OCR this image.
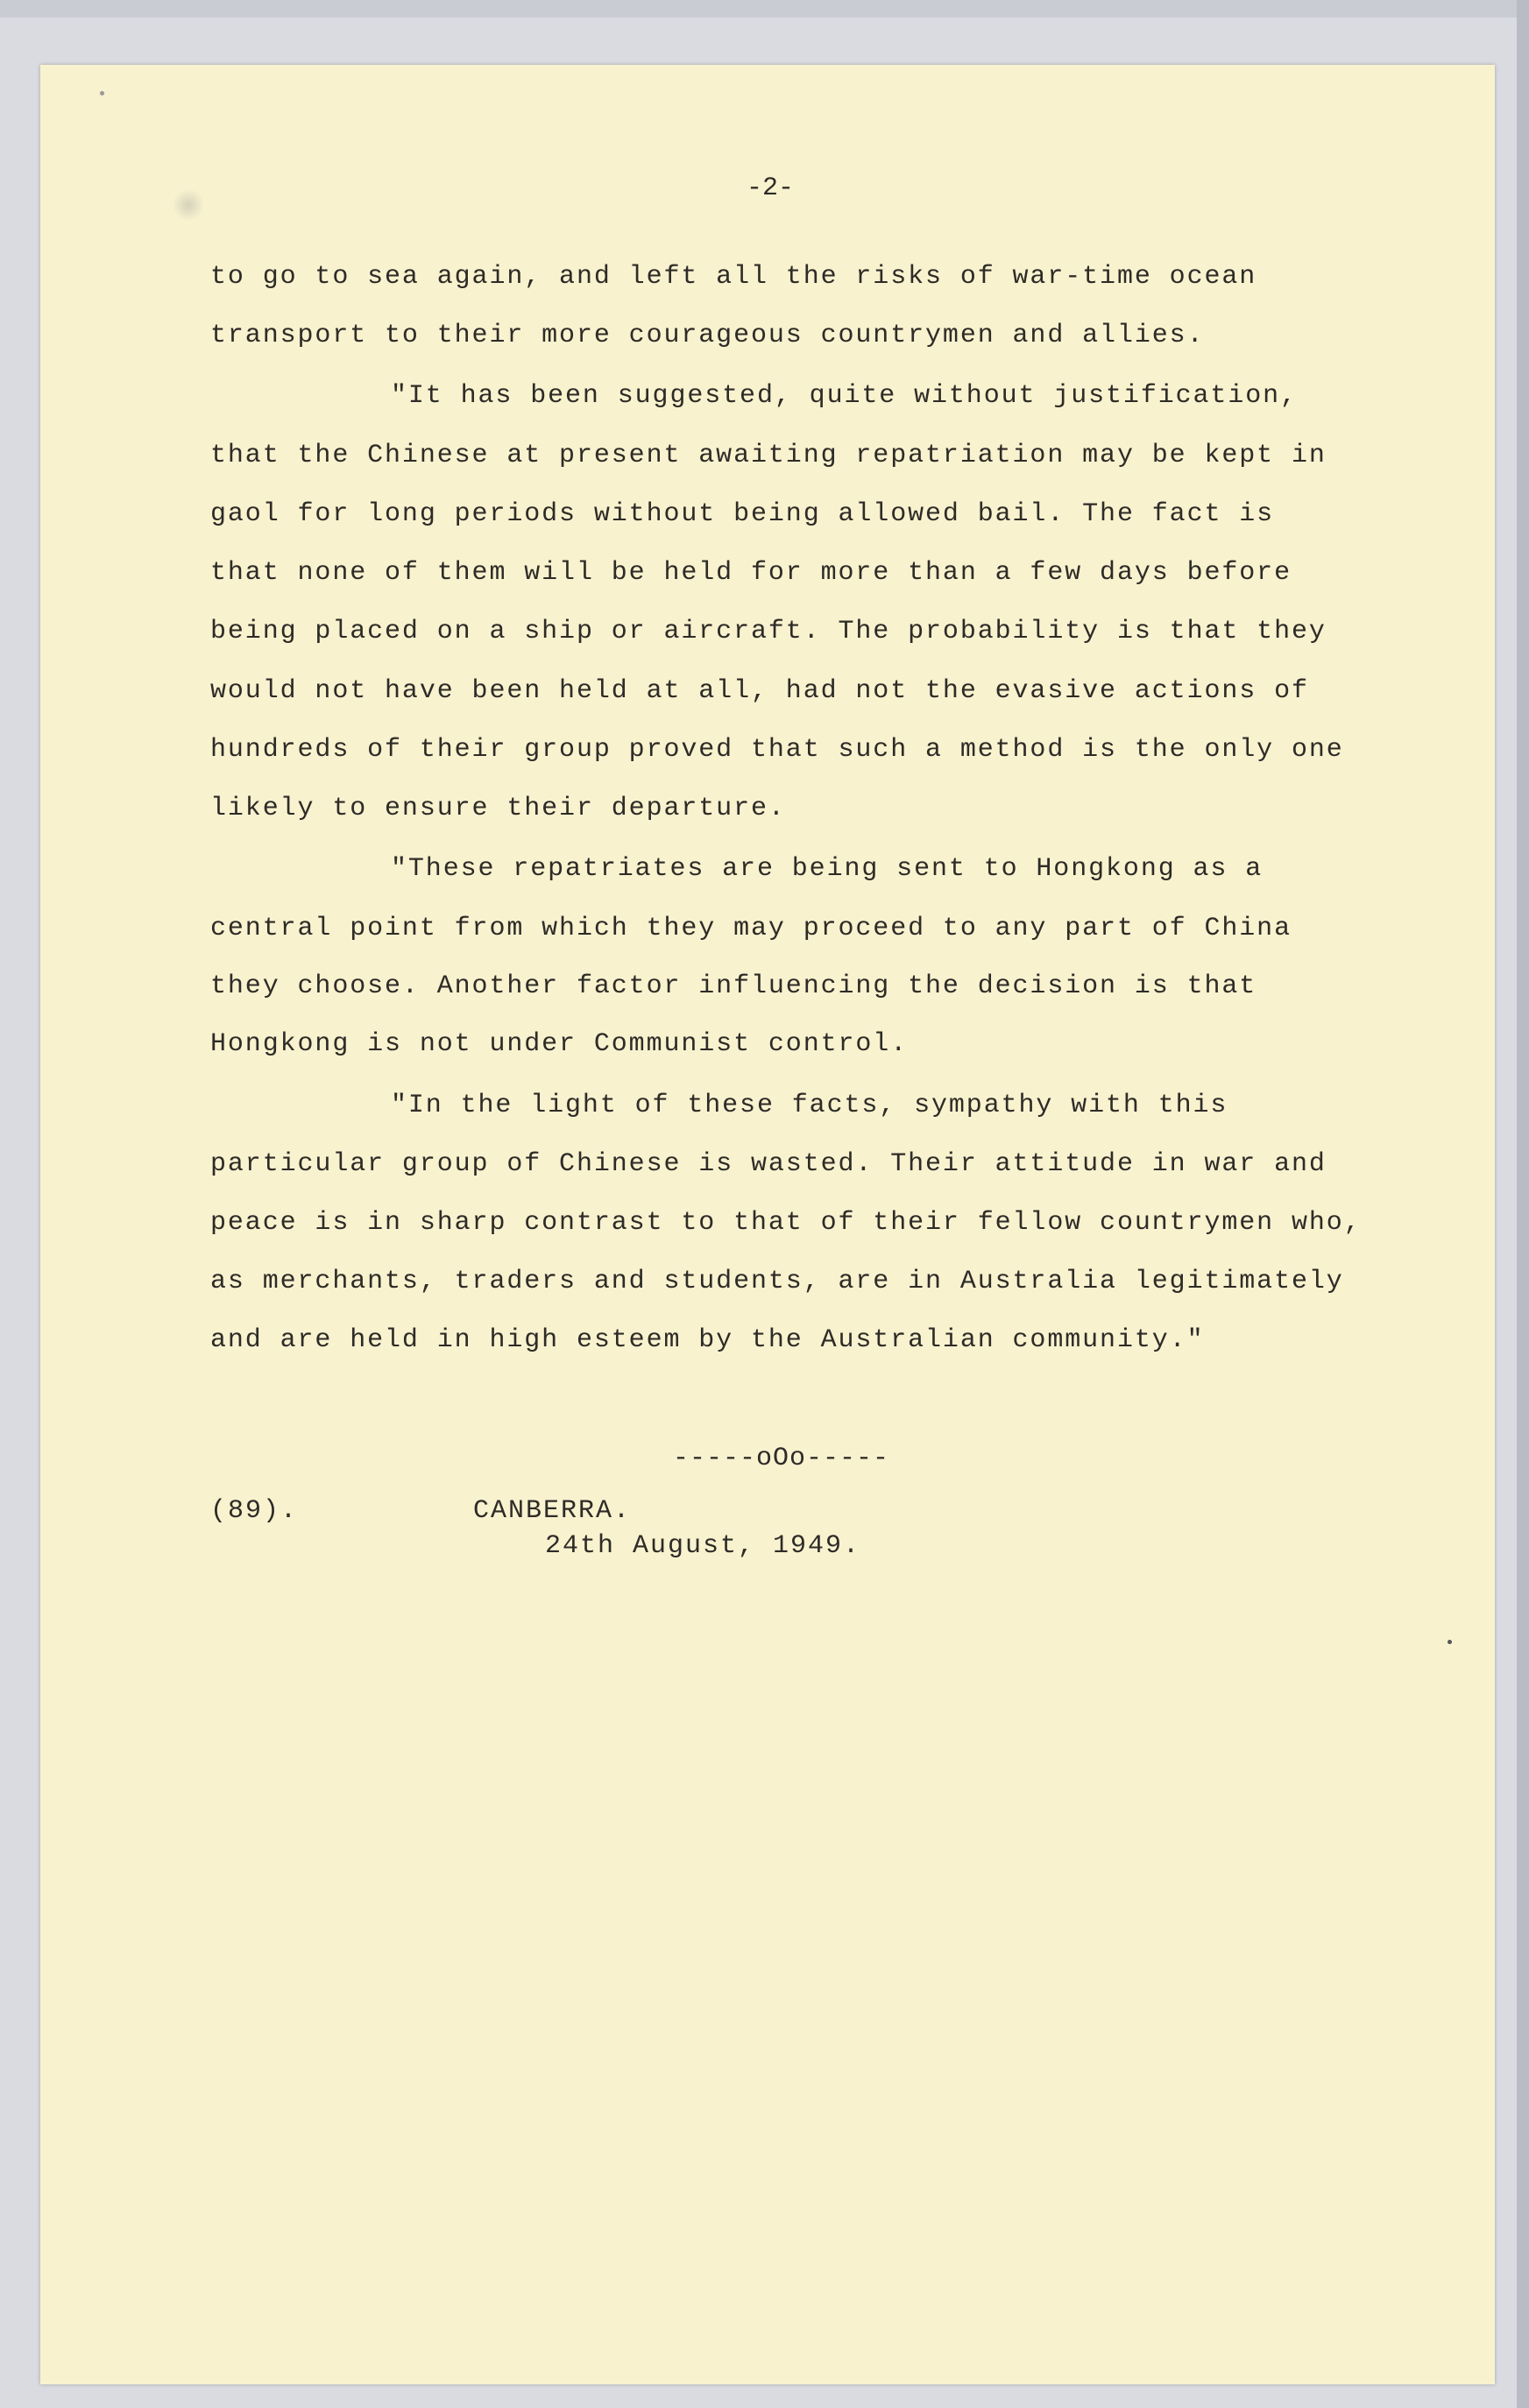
-2-
to go to sea again, and left all the risks of war-time ocean
transport to their more courageous countrymen and allies.
"It has been suggested, quite without justification,
that the Chinese at present awaiting repatriation may be kept in
gaol for long periods without being allowed bail. The fact is
that none of them will be held for more than a few days before
being placed on a ship or aircraft. The probability is that they
would not have been held at all, had not the evasive actions of
hundreds of their group proved that such a method is the only one
likely to ensure their departure.
"These repatriates are being sent to Hongkong as a
central point from which they may proceed to any part of China
they choose. Another factor influencing the decision is that
Hongkong is not under Communist control.
"In the light of these facts, sympathy with this
particular group of Chinese is wasted. Their attitude in war and
peace is in sharp contrast to that of their fellow countrymen who,
as merchants, traders and students, are in Australia legitimately
and are held in high esteem by the Australian community."
-----oOo-----
(89).	CANBERRA.
24th August, 1949.
